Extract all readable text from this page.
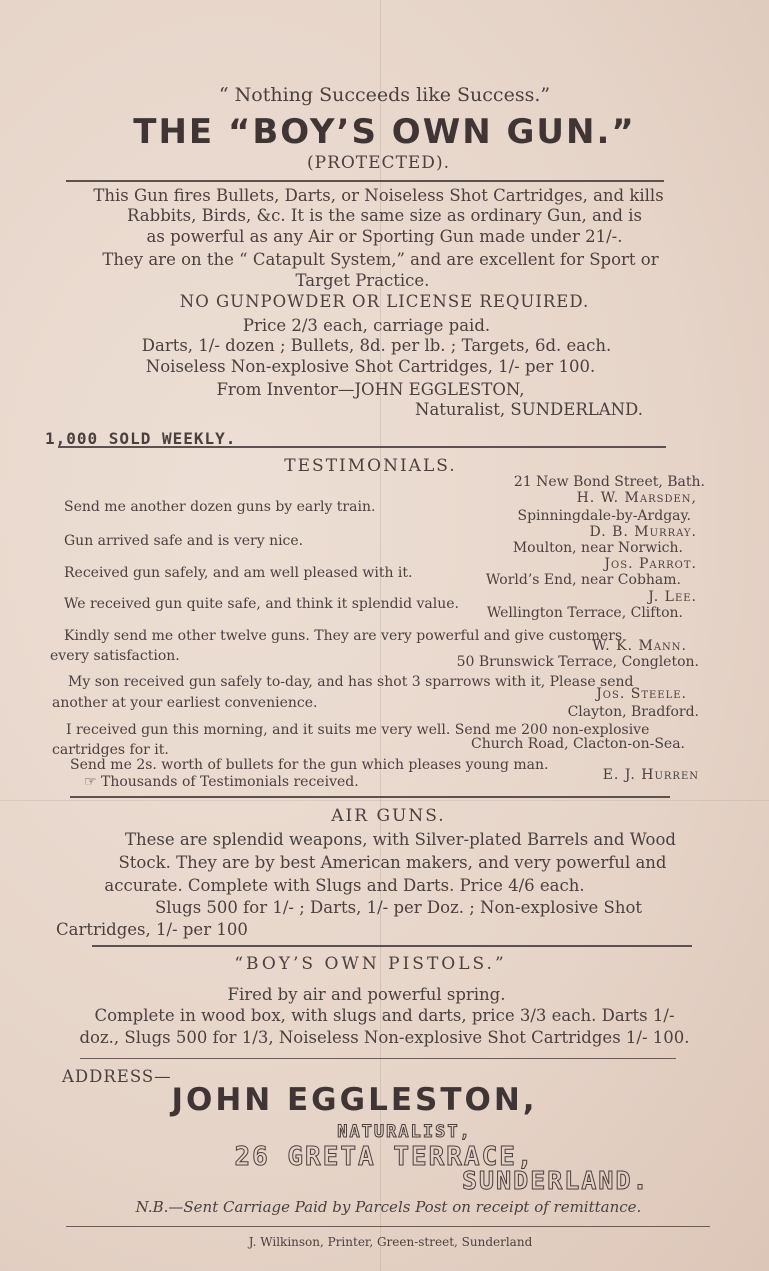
“ Nothing Succeeds like Success.”
THE “BOY’S OWN GUN.”
(PROTECTED).
This Gun fires Bullets, Darts, or Noiseless Shot Cartridges, and kills
Rabbits, Birds, &c. It is the same size as ordinary Gun, and is
as powerful as any Air or Sporting Gun made under 21/-.
They are on the “ Catapult System,” and are excellent for Sport or
Target Practice.
NO GUNPOWDER OR LICENSE REQUIRED.
Price 2/3 each, carriage paid.
Darts, 1/- dozen ; Bullets, 8d. per lb. ; Targets, 6d. each.
Noiseless Non-explosive Shot Cartridges, 1/- per 100.
From Inventor—JOHN EGGLESTON,
Naturalist, SUNDERLAND.
1,000 SOLD WEEKLY.
TESTIMONIALS.
21 New Bond Street, Bath.
Send me another dozen guns by early train.
H. W. Marsden,
Spinningdale-by-Ardgay.
Gun arrived safe and is very nice.
D. B. Murray.
Moulton, near Norwich.
Received gun safely, and am well pleased with it.
Jos. Parrot.
World’s End, near Cobham.
We received gun quite safe, and think it splendid value.	J. Lee.
Wellington Terrace, Clifton.
Kindly send me other twelve guns. They are very powerful and give customers
every satisfaction.
W. K. Mann.
50 Brunswick Terrace, Congleton.
My son received gun safely to-day, and has shot 3 sparrows with it, Please send
another at your earliest convenience.
Jos. Steele.
Clayton, Bradford.
I received gun this morning, and it suits me very well. Send me 200 non-explosive
cartridges for it.	Church Road, Clacton-on-Sea.
Send me 2s. worth of bullets for the gun which pleases young man.
E. J. Hurren
☞ Thousands of Testimonials received.
AIR GUNS.
These are splendid weapons, with Silver-plated Barrels and Wood
Stock. They are by best American makers, and very powerful and
accurate. Complete with Slugs and Darts. Price 4/6 each.
Slugs 500 for 1/- ; Darts, 1/- per Doz. ; Non-explosive Shot
Cartridges, 1/- per 100
“BOY’S OWN PISTOLS.”
Fired by air and powerful spring.
Complete in wood box, with slugs and darts, price 3/3 each. Darts 1/-
doz., Slugs 500 for 1/3, Noiseless Non-explosive Shot Cartridges 1/- 100.
ADDRESS—
JOHN EGGLESTON,
NATURALIST,
26 GRETA TERRACE,
SUNDERLAND.
N.B.—Sent Carriage Paid by Parcels Post on receipt of remittance.
J. Wilkinson, Printer, Green-street, Sunderland
